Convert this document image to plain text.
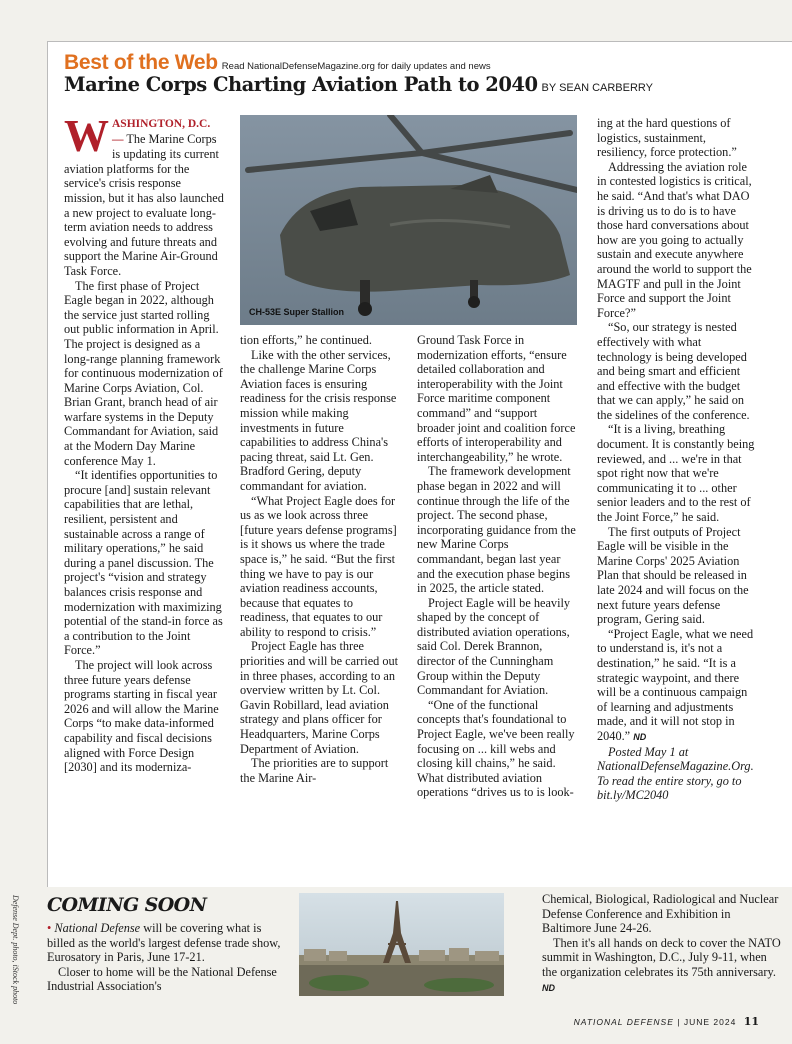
Best of the Web Read NationalDefenseMagazine.org for daily updates and news
Marine Corps Charting Aviation Path to 2040 BY SEAN CARBERRY
CH-53E Super Stallion

WASHINGTON, D.C. — The Marine Corps is updating its current aviation platforms for the service's crisis response mission, but it has also launched a new project to evaluate long-term aviation needs to address evolving and future threats and support the Marine Air-Ground Task Force.

The first phase of Project Eagle began in 2022, although the service just started rolling out public information in April. The project is designed as a long-range planning framework for continuous modernization of Marine Corps Aviation, Col. Brian Grant, branch head of air warfare systems in the Deputy Commandant for Aviation, said at the Modern Day Marine conference May 1.

“It identifies opportunities to procure [and] sustain relevant capabilities that are lethal, resilient, persistent and sustainable across a range of military operations,” he said during a panel discussion. The project's “vision and strategy balances crisis response and modernization with maximizing potential of the stand-in force as a contribution to the Joint Force.”

The project will look across three future years defense programs starting in fiscal year 2026 and will allow the Marine Corps “to make data-informed capability and fiscal decisions aligned with Force Design [2030] and its moderniza-

tion efforts,” he continued.

Like with the other services, the challenge Marine Corps Aviation faces is ensuring readiness for the crisis response mission while making investments in future capabilities to address China's pacing threat, said Lt. Gen. Bradford Gering, deputy commandant for aviation.

“What Project Eagle does for us as we look across three [future years defense programs] is it shows us where the trade space is,” he said. “But the first thing we have to pay is our aviation readiness accounts, because that equates to readiness, that equates to our ability to respond to crisis.”

Project Eagle has three priorities and will be carried out in three phases, according to an overview written by Lt. Col. Gavin Robillard, lead aviation strategy and plans officer for Headquarters, Marine Corps Department of Aviation.

The priorities are to support the Marine Air-

Ground Task Force in modernization efforts, “ensure detailed collaboration and interoperability with the Joint Force maritime component command” and “support broader joint and coalition force efforts of interoperability and interchangeability,” he wrote.

The framework development phase began in 2022 and will continue through the life of the project. The second phase, incorporating guidance from the new Marine Corps commandant, began last year and the execution phase begins in 2025, the article stated.

Project Eagle will be heavily shaped by the concept of distributed aviation operations, said Col. Derek Brannon, director of the Cunningham Group within the Deputy Commandant for Aviation.

“One of the functional concepts that's foundational to Project Eagle, we've been really focusing on ... kill webs and closing kill chains,” he said. What distributed aviation operations “drives us to is look-

ing at the hard questions of logistics, sustainment, resiliency, force protection.”

Addressing the aviation role in contested logistics is critical, he said. “And that's what DAO is driving us to do is to have those hard conversations about how are you going to actually sustain and execute anywhere around the world to support the MAGTF and pull in the Joint Force and support the Joint Force?”

“So, our strategy is nested effectively with what technology is being developed and being smart and efficient and effective with the budget that we can apply,” he said on the sidelines of the conference.

“It is a living, breathing document. It is constantly being reviewed, and ... we're in that spot right now that we're communicating it to ... other senior leaders and to the rest of the Joint Force,” he said.

The first outputs of Project Eagle will be visible in the Marine Corps' 2025 Aviation Plan that should be released in late 2024 and will focus on the next future years defense program, Gering said.

“Project Eagle, what we need to understand is, it's not a destination,” he said. “It is a strategic waypoint, and there will be a continuous campaign of learning and adjustments made, and it will not stop in 2040.” ND

Posted May 1 at NationalDefenseMagazine.Org. To read the entire story, go to bit.ly/MC2040

Defense Dept. photo, iStock photo COMING SOON

• National Defense will be covering what is billed as the world's largest defense trade show, Eurosatory in Paris, June 17-21.

Closer to home will be the National Defense Industrial Association's

Chemical, Biological, Radiological and Nuclear Defense Conference and Exhibition in Baltimore June 24-26.

Then it's all hands on deck to cover the NATO summit in Washington, D.C., July 9-11, when the organization celebrates its 75th anniversary. ND

NATIONAL DEFENSE | JUNE 2024 11
